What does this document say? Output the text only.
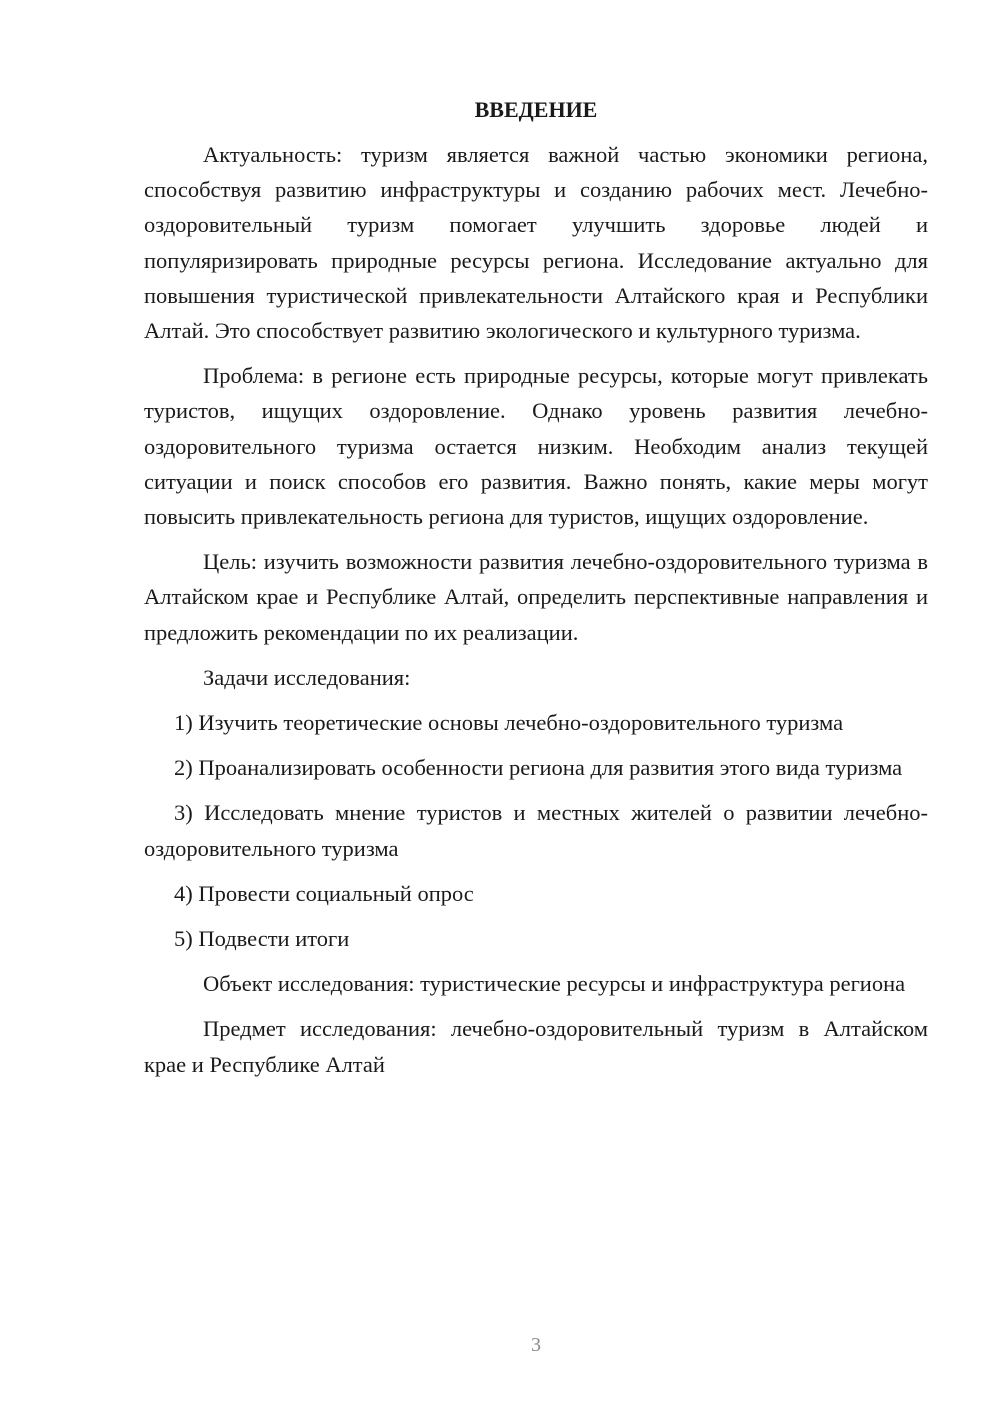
ВВЕДЕНИЕ

Актуальность: туризм является важной частью экономики региона, способствуя развитию инфраструктуры и созданию рабочих мест. Лечебно-оздоровительный туризм помогает улучшить здоровье людей и популяризировать природные ресурсы региона. Исследование актуально для повышения туристической привлекательности Алтайского края и Республики Алтай. Это способствует развитию экологического и культурного туризма.

Проблема: в регионе есть природные ресурсы, которые могут привлекать туристов, ищущих оздоровление. Однако уровень развития лечебно-оздоровительного туризма остается низким. Необходим анализ текущей ситуации и поиск способов его развития. Важно понять, какие меры могут повысить привлекательность региона для туристов, ищущих оздоровление.

Цель: изучить возможности развития лечебно-оздоровительного туризма в Алтайском крае и Республике Алтай, определить перспективные направления и предложить рекомендации по их реализации.

Задачи исследования:

1) Изучить теоретические основы лечебно-оздоровительного туризма

2) Проанализировать особенности региона для развития этого вида туризма

3) Исследовать мнение туристов и местных жителей о развитии лечебно-оздоровительного туризма

4) Провести социальный опрос

5) Подвести итоги

Объект исследования: туристические ресурсы и инфраструктура региона

Предмет исследования: лечебно-оздоровительный туризм в Алтайском крае и Республике Алтай

3
